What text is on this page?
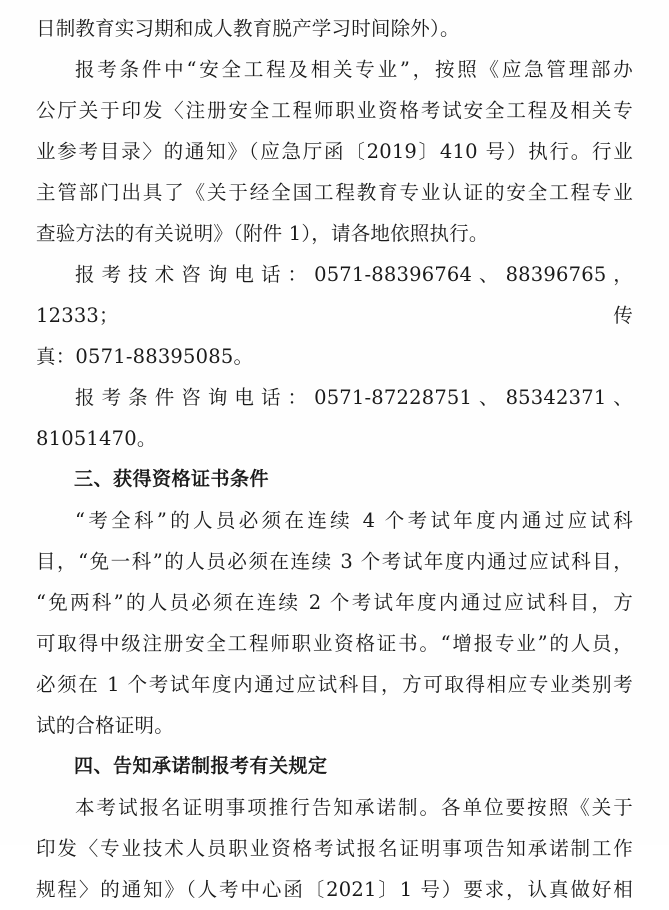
日制教育实习期和成人教育脱产学习时间除外）。

报考条件中“安全工程及相关专业”，按照《应急管理部办

公厅关于印发〈注册安全工程师职业资格考试安全工程及相关专

业参考目录〉的通知》（应急厅函〔2019〕410 号）执行。行业

主管部门出具了《关于经全国工程教育专业认证的安全工程专业

查验方法的有关说明》（附件 1），请各地依照执行。

报考技术咨询电话：0571-88396764、88396765，12333；传

真：0571-88395085。

报考条件咨询电话：0571-87228751、85342371、81051470。

三、获得资格证书条件

“考全科”的人员必须在连续 4 个考试年度内通过应试科

目，“免一科”的人员必须在连续 3 个考试年度内通过应试科目，

“免两科”的人员必须在连续 2 个考试年度内通过应试科目，方

可取得中级注册安全工程师职业资格证书。“增报专业”的人员，

必须在 1 个考试年度内通过应试科目，方可取得相应专业类别考

试的合格证明。

四、告知承诺制报考有关规定

本考试报名证明事项推行告知承诺制。各单位要按照《关于

印发〈专业技术人员职业资格考试报名证明事项告知承诺制工作

规程〉的通知》（人考中心函〔2021〕1 号）要求，认真做好相
